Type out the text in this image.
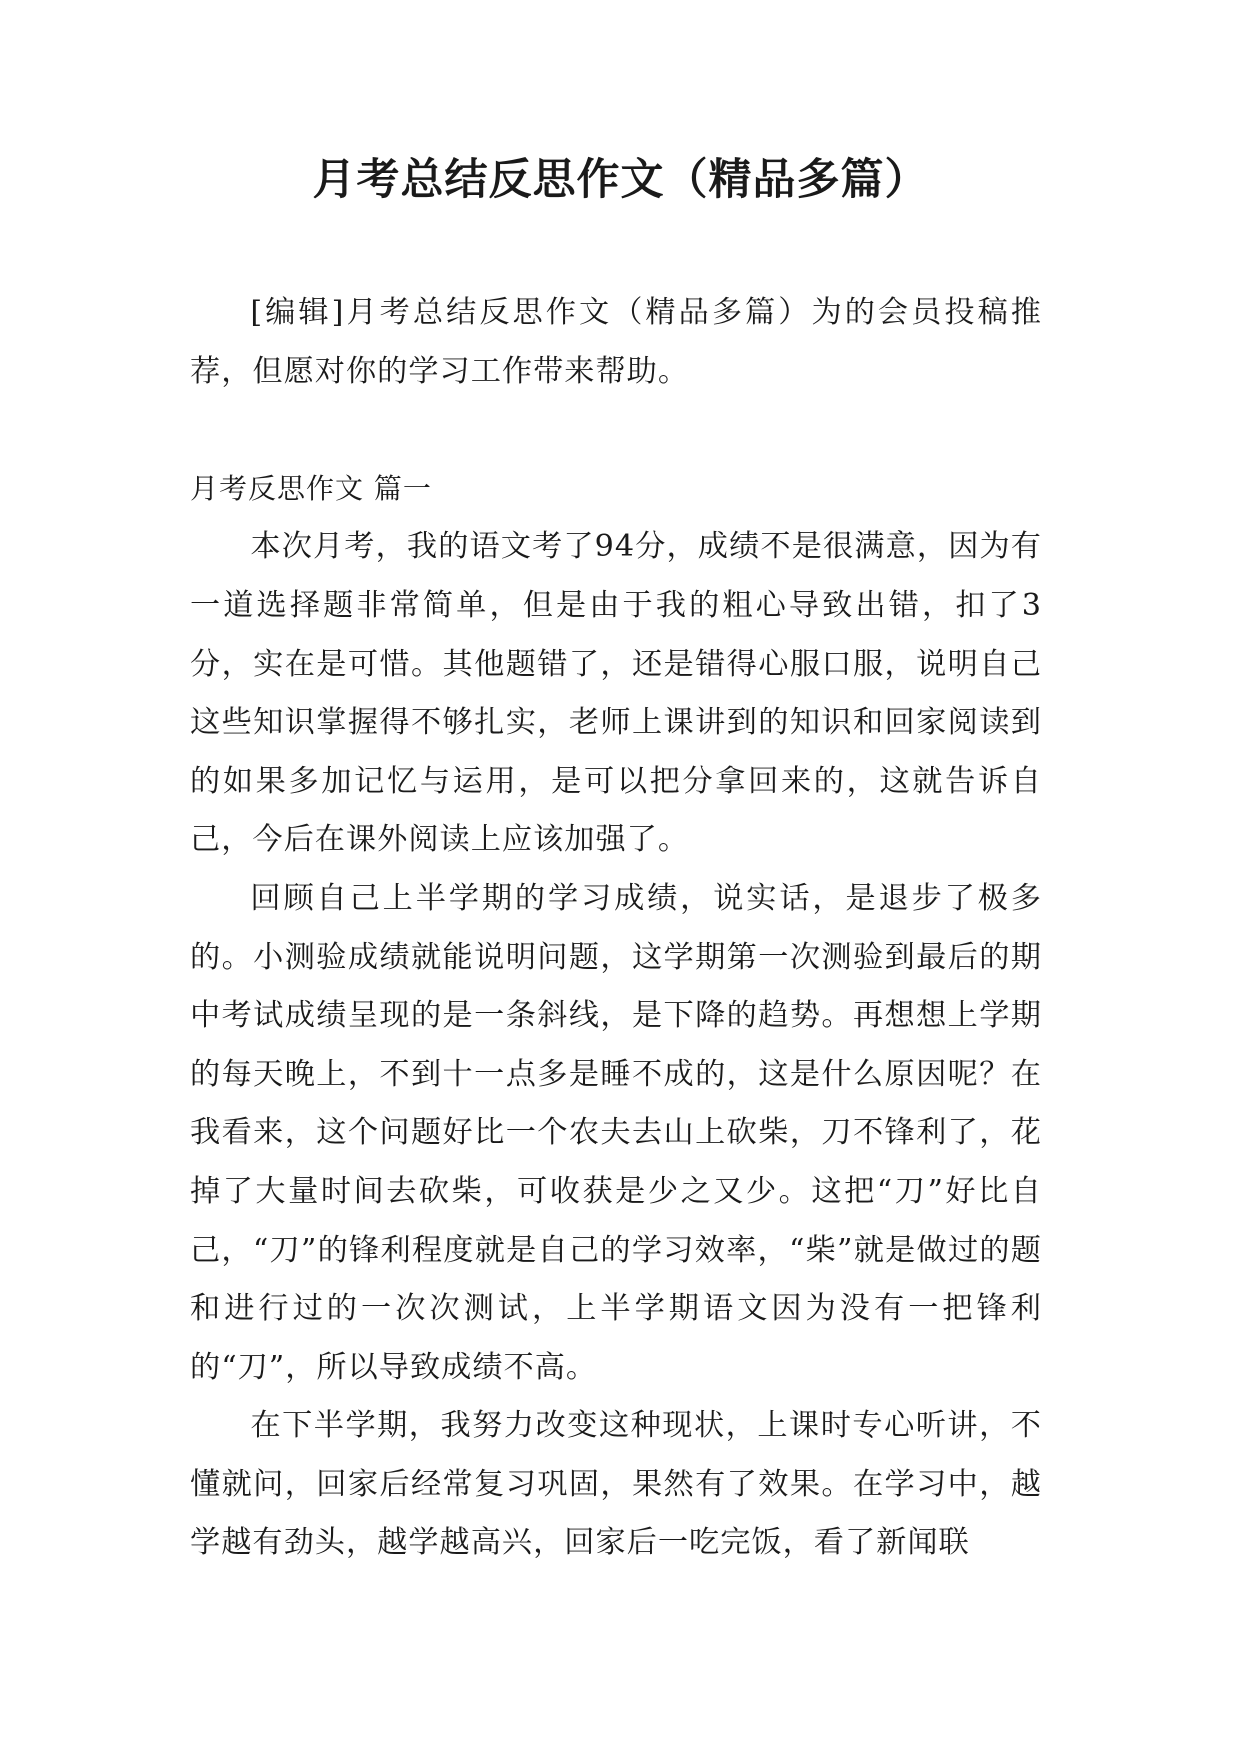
月考总结反思作文（精品多篇）

[编辑]月考总结反思作文（精品多篇）为的会员投稿推荐，但愿对你的学习工作带来帮助。

月考反思作文 篇一

本次月考，我的语文考了94分，成绩不是很满意，因为有一道选择题非常简单，但是由于我的粗心导致出错，扣了3分，实在是可惜。其他题错了，还是错得心服口服，说明自己这些知识掌握得不够扎实，老师上课讲到的知识和回家阅读到的如果多加记忆与运用，是可以把分拿回来的，这就告诉自己，今后在课外阅读上应该加强了。

回顾自己上半学期的学习成绩，说实话，是退步了极多的。小测验成绩就能说明问题，这学期第一次测验到最后的期中考试成绩呈现的是一条斜线，是下降的趋势。再想想上学期的每天晚上，不到十一点多是睡不成的，这是什么原因呢？在我看来，这个问题好比一个农夫去山上砍柴，刀不锋利了，花掉了大量时间去砍柴，可收获是少之又少。这把“刀”好比自己，“刀”的锋利程度就是自己的学习效率，“柴”就是做过的题和进行过的一次次测试，上半学期语文因为没有一把锋利的“刀”，所以导致成绩不高。

在下半学期，我努力改变这种现状，上课时专心听讲，不懂就问，回家后经常复习巩固，果然有了效果。在学习中，越学越有劲头，越学越高兴，回家后一吃完饭，看了新闻联
